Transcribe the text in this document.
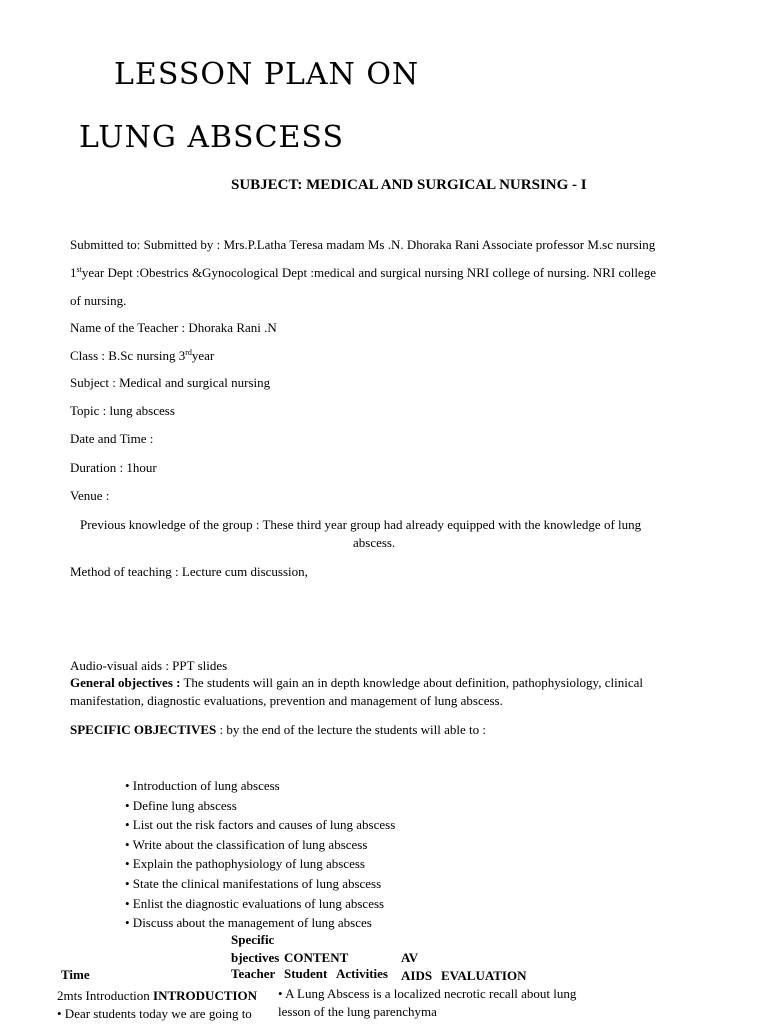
LESSON PLAN ON
LUNG ABSCESS
SUBJECT: MEDICAL AND SURGICAL NURSING - I
Submitted to: Submitted by : Mrs.P.Latha Teresa madam Ms .N. Dhoraka Rani Associate professor M.sc nursing
1styear Dept :Obestrics &Gynocological Dept :medical and surgical nursing NRI college of nursing. NRI college
of nursing.
Name of the Teacher : Dhoraka Rani .N
Class : B.Sc nursing 3rdyear
Subject : Medical and surgical nursing
Topic : lung abscess
Date and Time :
Duration : 1hour
Venue :
Previous knowledge of the group : These third year group had already equipped with the knowledge of lung
abscess.
Method of teaching : Lecture cum discussion,
Audio-visual aids : PPT slides
General objectives : The students will gain an in depth knowledge about definition, pathophysiology, clinical
manifestation, diagnostic evaluations, prevention and management of lung abscess.
SPECIFIC OBJECTIVES : by the end of the lecture the students will able to :
• Introduction of lung abscess
• Define lung abscess
• List out the risk factors and causes of lung abscess
• Write about the classification of lung abscess
• Explain the pathophysiology of lung abscess
• State the clinical manifestations of lung abscess
• Enlist the diagnostic evaluations of lung abscess
• Discuss about the management of lung absces
Specific
bjectives CONTENT	AV
Time	Teacher Student Activities AIDS EVALUATION
2mts Introduction INTRODUCTION
• Dear students today we are going to
• A Lung Abscess is a localized necrotic recall about lung
lesson of the lung parenchyma
